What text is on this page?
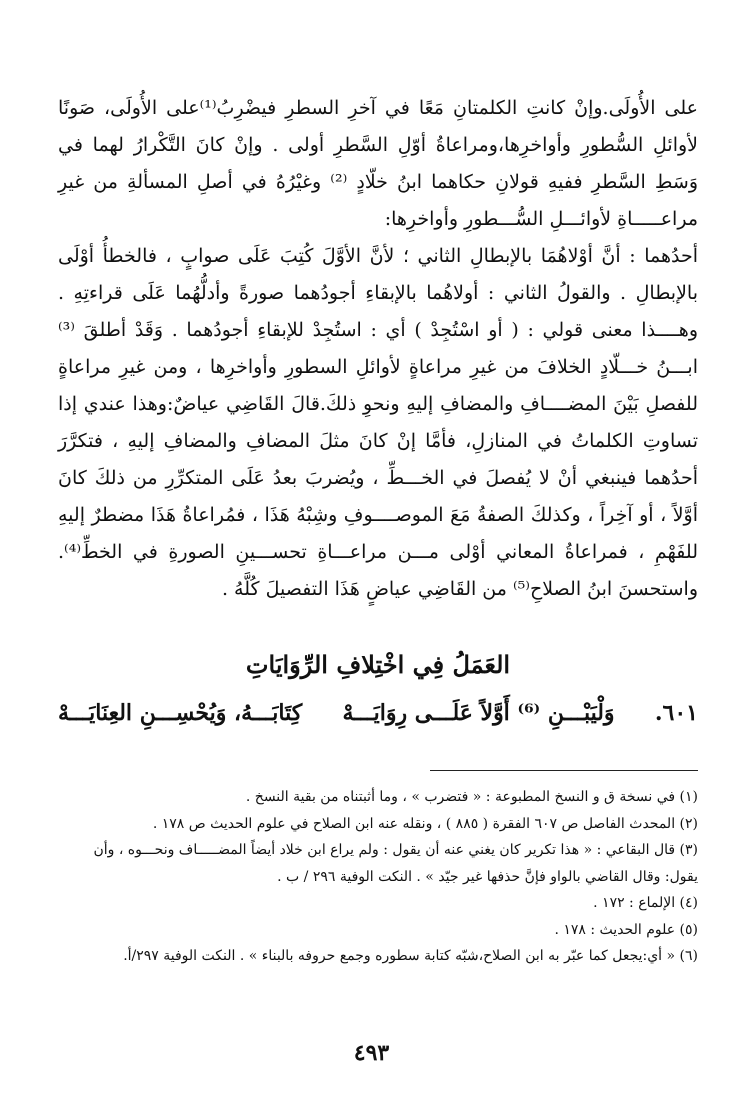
على الأُولَى.وإنْ كانتِ الكلمتانِ مَعًا في آخرِ السطرِ فيضْرِبُ⁽¹⁾على الأُولَى، صَونًا لأوائلِ السُّطورِ وأواخرِها،ومراعاةُ أوّلِ السَّطرِ أولى . وإنْ كانَ التَّكْرارُ لهما في وَسَطِ السَّطرِ ففيهِ قولانِ حكاهما ابنُ خلّادٍ ⁽²⁾ وغيْرُهُ في أصلِ المسألةِ من غيرِ مراعـــــاةِ لأوائـــلِ السُّـــطورِ وأواخرِها:

أحدُهما : أنَّ أوْلاهُمَا بالإبطالِ الثاني ؛ لأنَّ الأوَّلَ كُتِبَ عَلَى صوابٍ ، فالخطأُ أوْلَى بالإبطالِ . والقولُ الثاني : أولاهُما بالإبقاءِ أجودُهما صورةً وأدلُّهُما عَلَى قراءتِهِ . وهــــذا معنى قولي : ( أو اسْتُجِدْ ) أي : استُجِدْ للإبقاءِ أجودُهما . وَقَدْ أطلقَ ⁽³⁾ ابـــنُ خـــلّادٍ الخلافَ من غيرِ مراعاةٍ لأوائلِ السطورِ وأواخرِها ، ومن غيرِ مراعاةٍ للفصلِ بَيْنَ المضــــافِ والمضافِ إليهِ ونحوِ ذلكَ.قالَ القَاضِي عياضٌ:وهذا عندي إذا تساوتِ الكلماتُ في المنازلِ، فأمَّا إنْ كانَ مثلَ المضافِ والمضافِ إليهِ ، فتكرَّرَ أحدُهما فينبغي أنْ لا يُفصلَ في الخـــطِّ ، ويُضربَ بعدُ عَلَى المتكرِّرِ من ذلكَ كانَ أوَّلاً ، أو آخِراً ، وكذلكَ الصفةُ مَعَ الموصــــوفِ وشِبْهُ هَذَا ، فمُراعاةُ هَذَا مضطرٌ إليهِ للفَهْمِ ، فمراعاةُ المعاني أوْلى مـــن مراعـــاةِ تحســـينِ الصورةِ في الخطِّ⁽⁴⁾. واستحسنَ ابنُ الصلاحِ⁽⁵⁾ من القَاضِي عياضٍ هَذَا التفصيلَ كُلَّهُ .

العَمَلُ فِي اخْتِلافِ الرِّوَايَاتِ
٦٠١.
وَلْيَبْـــنِ ⁽⁶⁾ أَوَّلاً عَلَـــى رِوَايَـــهْ
كِتَابَـــهُ، وَيُحْسِـــنِ العِنَايَـــهْ

(١) في نسخة ق و النسخ المطبوعة : « فتضرب » ، وما أثبتناه من بقية النسخ .

(٢) المحدث الفاصل ص ٦٠٧ الفقرة ( ٨٨٥ ) ، ونقله عنه ابن الصلاح في علوم الحديث ص ١٧٨ .

(٣) قال البقاعي : « هذا تكرير كان يغني عنه أن يقول : ولم يراع ابن خلاد أيضاً المضـــــاف ونحـــوه ، وأن يقول: وقال القاضي بالواو فإنَّ حذفها غير جيّد » . النكت الوفية ٢٩٦ / ب .

(٤) الإلماع : ١٧٢ .

(٥) علوم الحديث : ١٧٨ .

(٦) « أي:يجعل كما عبّر به ابن الصلاح،شبّه كتابة سطوره وجمع حروفه بالبناء » . النكت الوفية ٢٩٧/أ.

٤٩٣
